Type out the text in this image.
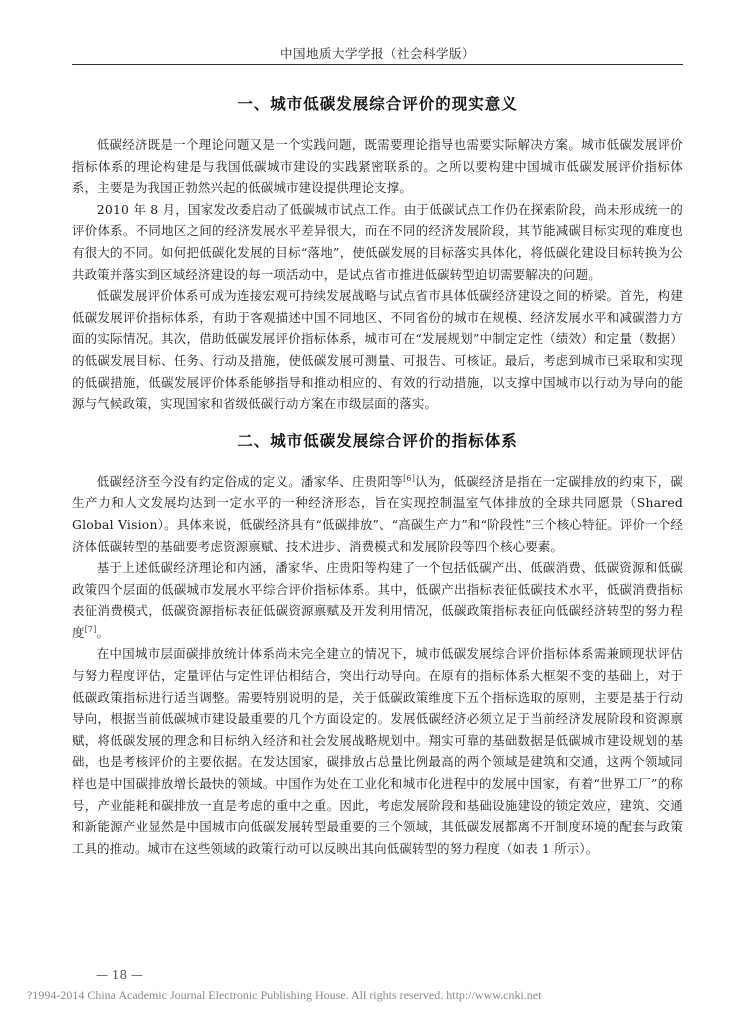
中国地质大学学报（社会科学版）
一、城市低碳发展综合评价的现实意义

低碳经济既是一个理论问题又是一个实践问题，既需要理论指导也需要实际解决方案。城市低碳发展评价指标体系的理论构建是与我国低碳城市建设的实践紧密联系的。之所以要构建中国城市低碳发展评价指标体系，主要是为我国正勃然兴起的低碳城市建设提供理论支撑。

2010 年 8 月，国家发改委启动了低碳城市试点工作。由于低碳试点工作仍在探索阶段，尚未形成统一的评价体系。不同地区之间的经济发展水平差异很大，而在不同的经济发展阶段，其节能减碳目标实现的难度也有很大的不同。如何把低碳化发展的目标“落地”，使低碳发展的目标落实具体化，将低碳化建设目标转换为公共政策并落实到区域经济建设的每一项活动中，是试点省市推进低碳转型迫切需要解决的问题。

低碳发展评价体系可成为连接宏观可持续发展战略与试点省市具体低碳经济建设之间的桥梁。首先，构建低碳发展评价指标体系，有助于客观描述中国不同地区、不同省份的城市在规模、经济发展水平和减碳潜力方面的实际情况。其次，借助低碳发展评价指标体系，城市可在“发展规划”中制定定性（绩效）和定量（数据）的低碳发展目标、任务、行动及措施，使低碳发展可测量、可报告、可核证。最后，考虑到城市已采取和实现的低碳措施，低碳发展评价体系能够指导和推动相应的、有效的行动措施，以支撑中国城市以行动为导向的能源与气候政策，实现国家和省级低碳行动方案在市级层面的落实。

二、城市低碳发展综合评价的指标体系

低碳经济至今没有约定俗成的定义。潘家华、庄贵阳等[6]认为，低碳经济是指在一定碳排放的约束下，碳生产力和人文发展均达到一定水平的一种经济形态，旨在实现控制温室气体排放的全球共同愿景（Shared Global Vision）。具体来说，低碳经济具有“低碳排放”、“高碳生产力”和“阶段性”三个核心特征。评价一个经济体低碳转型的基础要考虑资源禀赋、技术进步、消费模式和发展阶段等四个核心要素。

基于上述低碳经济理论和内涵，潘家华、庄贵阳等构建了一个包括低碳产出、低碳消费、低碳资源和低碳政策四个层面的低碳城市发展水平综合评价指标体系。其中，低碳产出指标表征低碳技术水平，低碳消费指标表征消费模式，低碳资源指标表征低碳资源禀赋及开发利用情况，低碳政策指标表征向低碳经济转型的努力程度[7]。

在中国城市层面碳排放统计体系尚未完全建立的情况下，城市低碳发展综合评价指标体系需兼顾现状评估与努力程度评估，定量评估与定性评估相结合，突出行动导向。在原有的指标体系大框架不变的基础上，对于低碳政策指标进行适当调整。需要特别说明的是，关于低碳政策维度下五个指标选取的原则，主要是基于行动导向，根据当前低碳城市建设最重要的几个方面设定的。发展低碳经济必须立足于当前经济发展阶段和资源禀赋，将低碳发展的理念和目标纳入经济和社会发展战略规划中。翔实可靠的基础数据是低碳城市建设规划的基础，也是考核评价的主要依据。在发达国家，碳排放占总量比例最高的两个领域是建筑和交通，这两个领域同样也是中国碳排放增长最快的领域。中国作为处在工业化和城市化进程中的发展中国家，有着“世界工厂”的称号，产业能耗和碳排放一直是考虑的重中之重。因此，考虑发展阶段和基础设施建设的锁定效应，建筑、交通和新能源产业显然是中国城市向低碳发展转型最重要的三个领域，其低碳发展都离不开制度环境的配套与政策工具的推动。城市在这些领域的政策行动可以反映出其向低碳转型的努力程度（如表 1 所示）。

— 18 —
?1994-2014 China Academic Journal Electronic Publishing House. All rights reserved. http://www.cnki.net
